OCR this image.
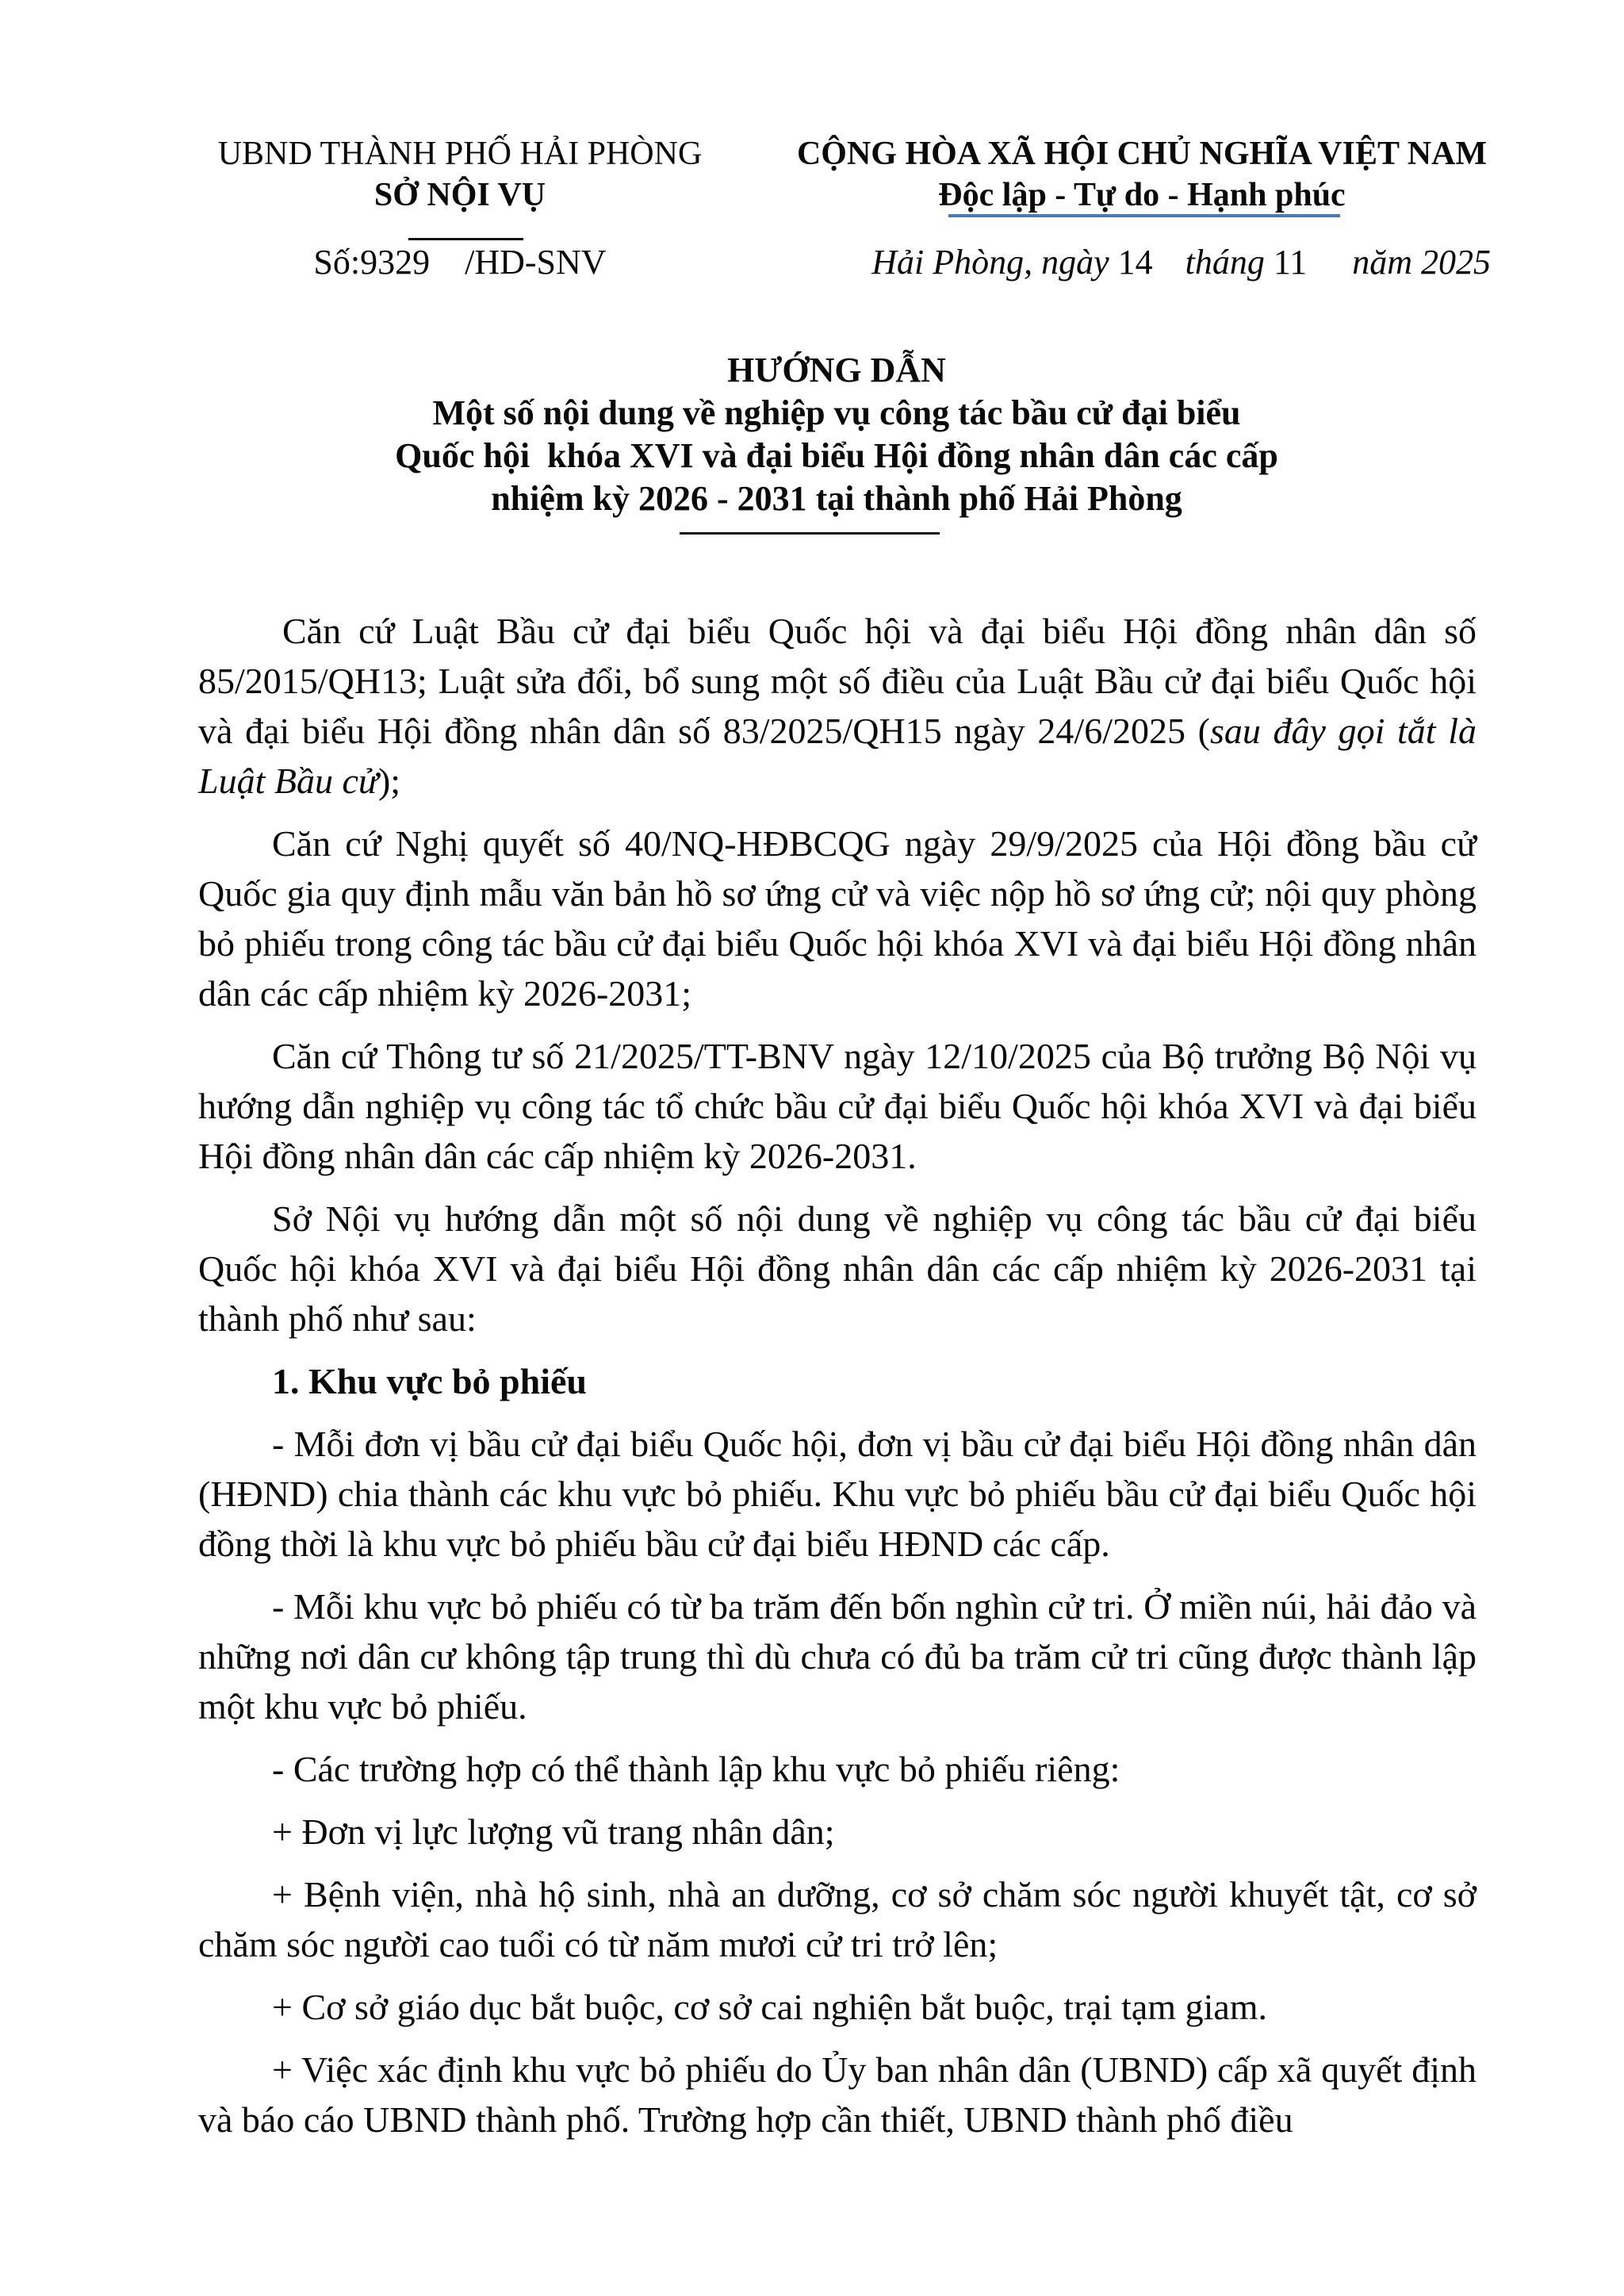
UBND THÀNH PHỐ HẢI PHÒNG
SỞ NỘI VỤ
CỘNG HÒA XÃ HỘI CHỦ NGHĨA VIỆT NAM
Độc lập - Tự do - Hạnh phúc
Số:9329 /HD-SNV	Hải Phòng, ngày 14 tháng 11 năm 2025
HƯỚNG DẪN
Một số nội dung về nghiệp vụ công tác bầu cử đại biểu
Quốc hội  khóa XVI và đại biểu Hội đồng nhân dân các cấp
nhiệm kỳ 2026 - 2031 tại thành phố Hải Phòng

Căn cứ Luật Bầu cử đại biểu Quốc hội và đại biểu Hội đồng nhân dân số 85/2015/QH13; Luật sửa đổi, bổ sung một số điều của Luật Bầu cử đại biểu Quốc hội và đại biểu Hội đồng nhân dân số 83/2025/QH15 ngày 24/6/2025 (sau đây gọi tắt là Luật Bầu cử);

Căn cứ Nghị quyết số 40/NQ-HĐBCQG ngày 29/9/2025 của Hội đồng bầu cử Quốc gia quy định mẫu văn bản hồ sơ ứng cử và việc nộp hồ sơ ứng cử; nội quy phòng bỏ phiếu trong công tác bầu cử đại biểu Quốc hội khóa XVI và đại biểu Hội đồng nhân dân các cấp nhiệm kỳ 2026-2031;

Căn cứ Thông tư số 21/2025/TT-BNV ngày 12/10/2025 của Bộ trưởng Bộ Nội vụ hướng dẫn nghiệp vụ công tác tổ chức bầu cử đại biểu Quốc hội khóa XVI và đại biểu Hội đồng nhân dân các cấp nhiệm kỳ 2026-2031.

Sở Nội vụ hướng dẫn một số nội dung về nghiệp vụ công tác bầu cử đại biểu Quốc hội khóa XVI và đại biểu Hội đồng nhân dân các cấp nhiệm kỳ 2026-2031 tại thành phố như sau:

1. Khu vực bỏ phiếu

- Mỗi đơn vị bầu cử đại biểu Quốc hội, đơn vị bầu cử đại biểu Hội đồng nhân dân (HĐND) chia thành các khu vực bỏ phiếu. Khu vực bỏ phiếu bầu cử đại biểu Quốc hội đồng thời là khu vực bỏ phiếu bầu cử đại biểu HĐND các cấp.

- Mỗi khu vực bỏ phiếu có từ ba trăm đến bốn nghìn cử tri. Ở miền núi, hải đảo và những nơi dân cư không tập trung thì dù chưa có đủ ba trăm cử tri cũng được thành lập một khu vực bỏ phiếu.

- Các trường hợp có thể thành lập khu vực bỏ phiếu riêng:

+ Đơn vị lực lượng vũ trang nhân dân;

+ Bệnh viện, nhà hộ sinh, nhà an dưỡng, cơ sở chăm sóc người khuyết tật, cơ sở chăm sóc người cao tuổi có từ năm mươi cử tri trở lên;

+ Cơ sở giáo dục bắt buộc, cơ sở cai nghiện bắt buộc, trại tạm giam.

+ Việc xác định khu vực bỏ phiếu do Ủy ban nhân dân (UBND) cấp xã quyết định và báo cáo UBND thành phố. Trường hợp cần thiết, UBND thành phố điều
